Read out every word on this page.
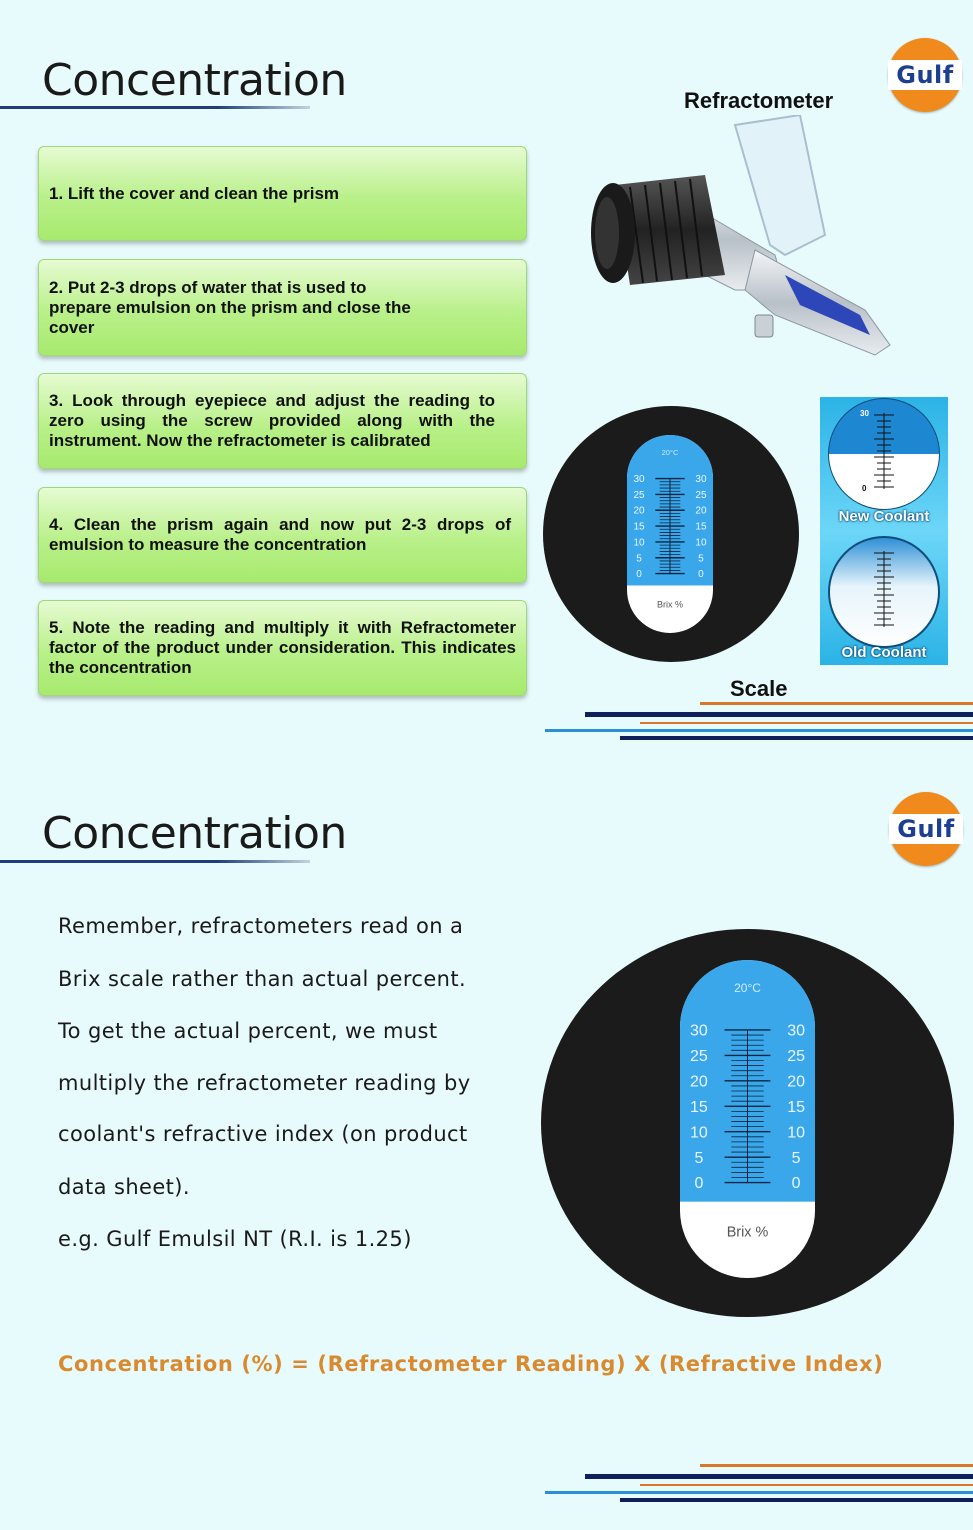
Concentration	Gulf
1. Lift the cover and clean the prism
2. Put 2-3 drops of water that is used to prepare emulsion on the prism and close the cover
3. Look through eyepiece and adjust the reading to zero using the screw provided along with the instrument. Now the refractometer is calibrated
4. Clean the prism again and now put 2-3 drops of emulsion to measure the concentration
5. Note the reading and multiply it with Refractometer factor of the product under consideration. This indicates the concentration
Refractometer
30
0
New Coolant
Old Coolant
20°C
30	30
25	25
20	20
15	15
10	10
5	5
0	0
Brix %
Scale
Concentration	Gulf
Remember, refractometers read on a
Brix scale rather than actual percent.
To get the actual percent, we must
multiply the refractometer reading by
coolant's refractive index (on product
data sheet).
e.g. Gulf Emulsil NT (R.I. is 1.25)
20°C
30	30
25	25
20	20
15	15
10	10
5	5
0	0
Brix %
Concentration (%) = (Refractometer Reading) X (Refractive Index)
